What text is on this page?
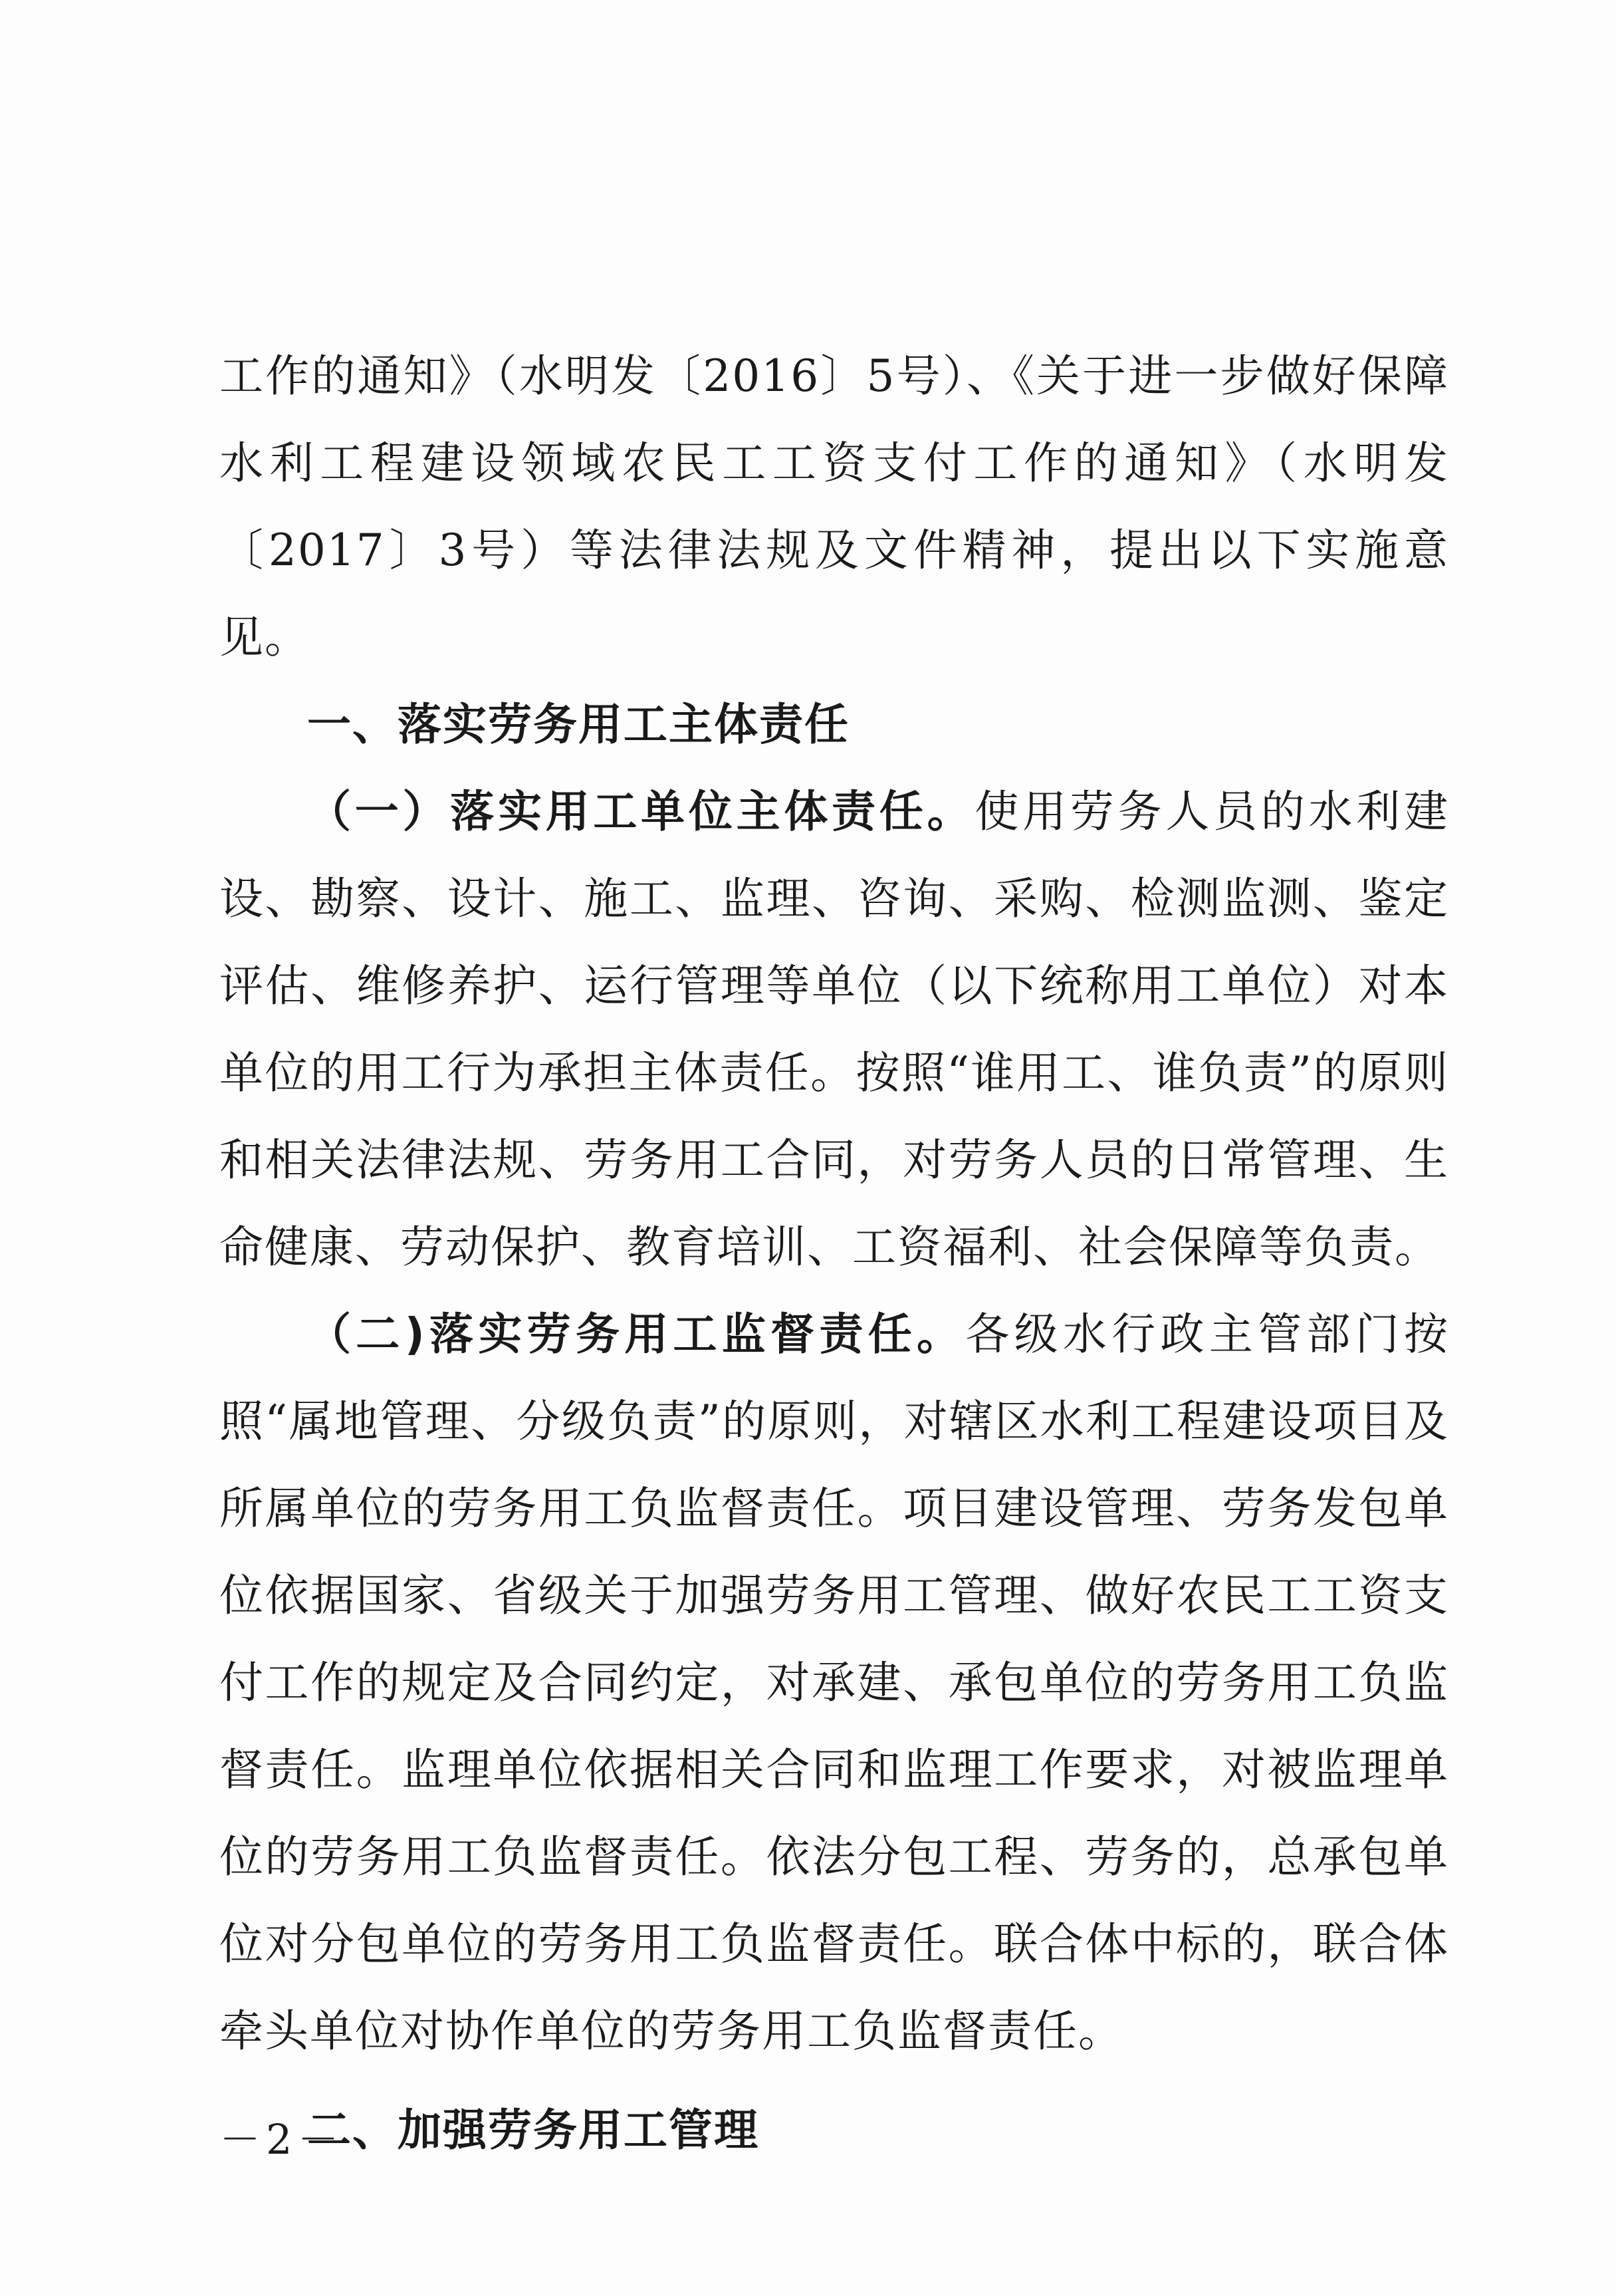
工作的通知》（水明发〔2016〕5号）、《关于进一步做好保障水利工程建设领域农民工工资支付工作的通知》（水明发〔2017〕3号）等法律法规及文件精神，提出以下实施意见。

一、落实劳务用工主体责任

（一）落实用工单位主体责任。使用劳务人员的水利建设、勘察、设计、施工、监理、咨询、采购、检测监测、鉴定评估、维修养护、运行管理等单位（以下统称用工单位）对本单位的用工行为承担主体责任。按照“谁用工、谁负责”的原则和相关法律法规、劳务用工合同，对劳务人员的日常管理、生命健康、劳动保护、教育培训、工资福利、社会保障等负责。

（二)落实劳务用工监督责任。各级水行政主管部门按照“属地管理、分级负责”的原则，对辖区水利工程建设项目及所属单位的劳务用工负监督责任。项目建设管理、劳务发包单位依据国家、省级关于加强劳务用工管理、做好农民工工资支付工作的规定及合同约定，对承建、承包单位的劳务用工负监督责任。监理单位依据相关合同和监理工作要求，对被监理单位的劳务用工负监督责任。依法分包工程、劳务的，总承包单位对分包单位的劳务用工负监督责任。联合体中标的，联合体牵头单位对协作单位的劳务用工负监督责任。

二、加强劳务用工管理

－2－
